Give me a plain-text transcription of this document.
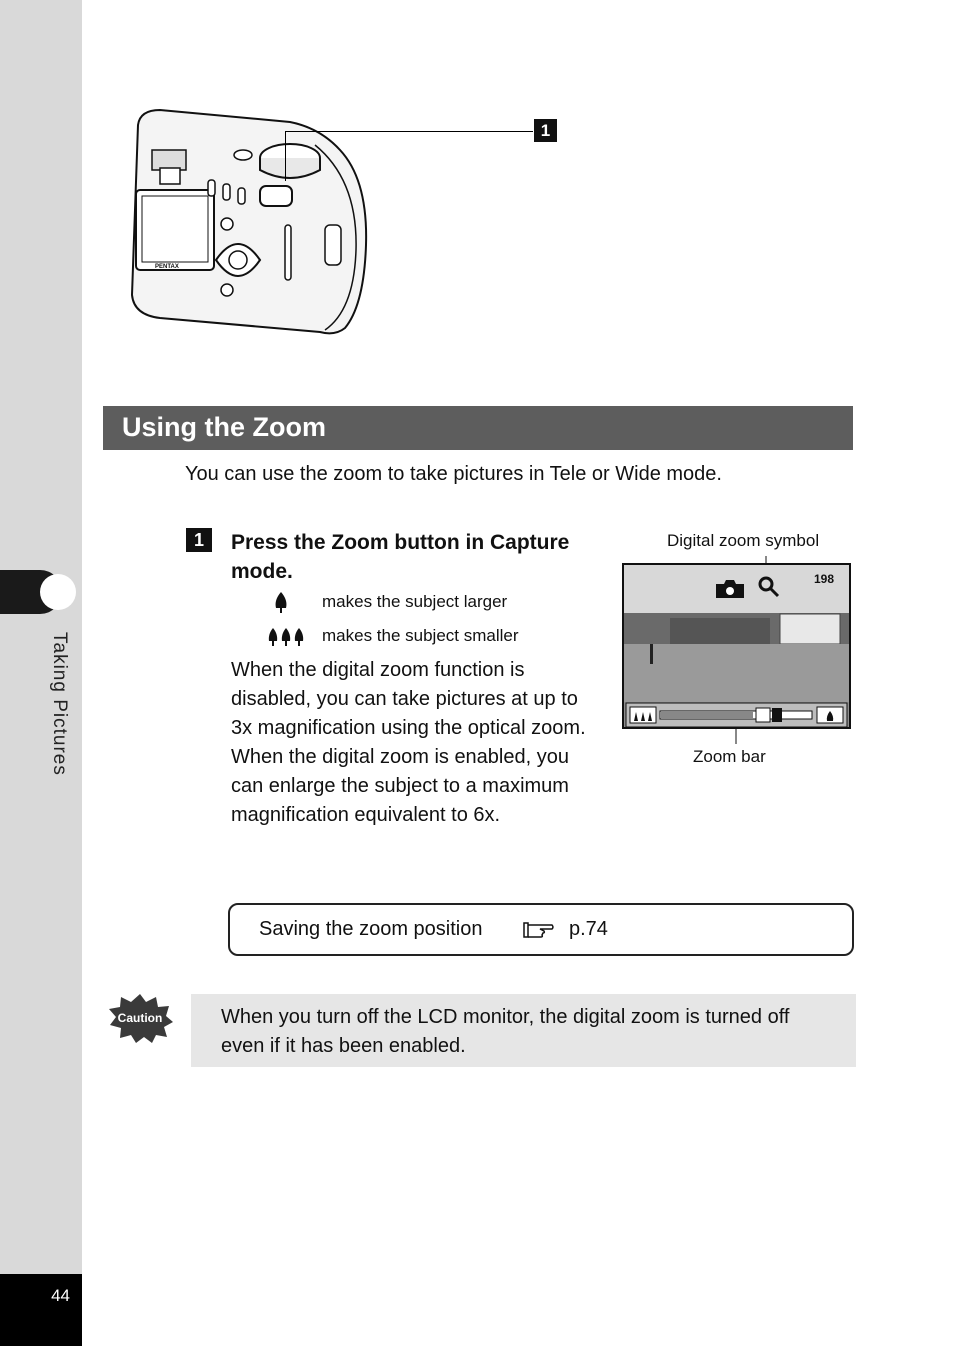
Taking Pictures
44
PENTAX
1
Using the Zoom
You can use the zoom to take pictures in Tele or Wide mode.
1	Press the Zoom button in Capture mode.
makes the subject larger
makes the subject smaller
When the digital zoom function is disabled, you can take pictures at up to 3x magnification using the optical zoom.
When the digital zoom is enabled, you can enlarge the subject to a maximum magnification equivalent to 6x.
Digital zoom symbol
198
Zoom bar
Saving the zoom position	p.74
Caution	When you turn off the LCD monitor, the digital zoom is turned off even if it has been enabled.
